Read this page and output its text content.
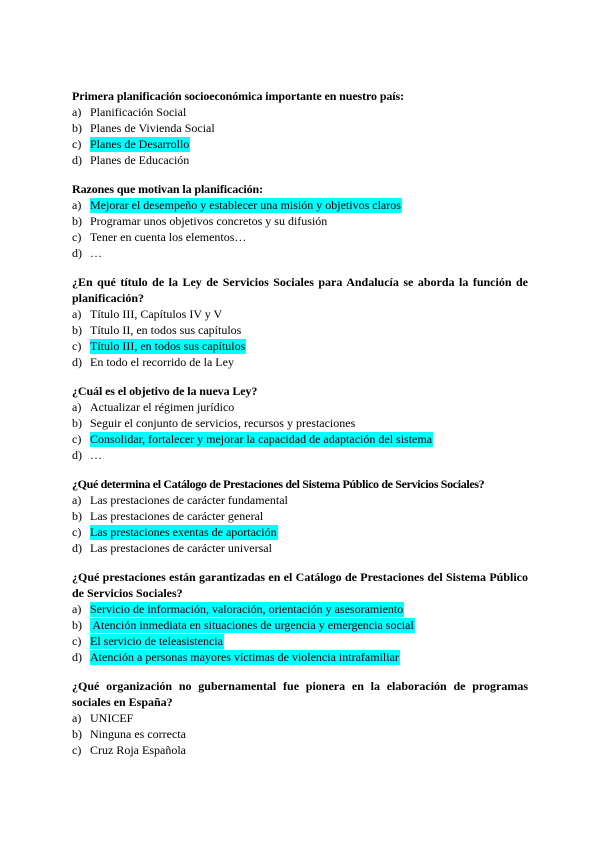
Primera planificación socioeconómica importante en nuestro país:

a) Planificación Social
b) Planes de Vivienda Social
c) Planes de Desarrollo
d) Planes de Educación

Razones que motivan la planificación:

a) Mejorar el desempeño y establecer una misión y objetivos claros
b) Programar unos objetivos concretos y su difusión
c) Tener en cuenta los elementos…
d) …

¿En qué título de la Ley de Servicios Sociales para Andalucía se aborda la función de planificación?

a) Título III, Capítulos IV y V
b) Título II, en todos sus capítulos
c) Título III, en todos sus capítulos
d) En todo el recorrido de la Ley

¿Cuál es el objetivo de la nueva Ley?

a) Actualizar el régimen jurídico
b) Seguir el conjunto de servicios, recursos y prestaciones
c) Consolidar, fortalecer y mejorar la capacidad de adaptación del sistema
d) …

¿Qué determina el Catálogo de Prestaciones del Sistema Público de Servicios Sociales?

a) Las prestaciones de carácter fundamental
b) Las prestaciones de carácter general
c) Las prestaciones exentas de aportación
d) Las prestaciones de carácter universal

¿Qué prestaciones están garantizadas en el Catálogo de Prestaciones del Sistema Público de Servicios Sociales?

a) Servicio de información, valoración, orientación y asesoramiento
b) Atención inmediata en situaciones de urgencia y emergencia social
c) El servicio de teleasistencia
d) Atención a personas mayores víctimas de violencia intrafamiliar

¿Qué organización no gubernamental fue pionera en la elaboración de programas sociales en España?

a) UNICEF
b) Ninguna es correcta
c) Cruz Roja Española
